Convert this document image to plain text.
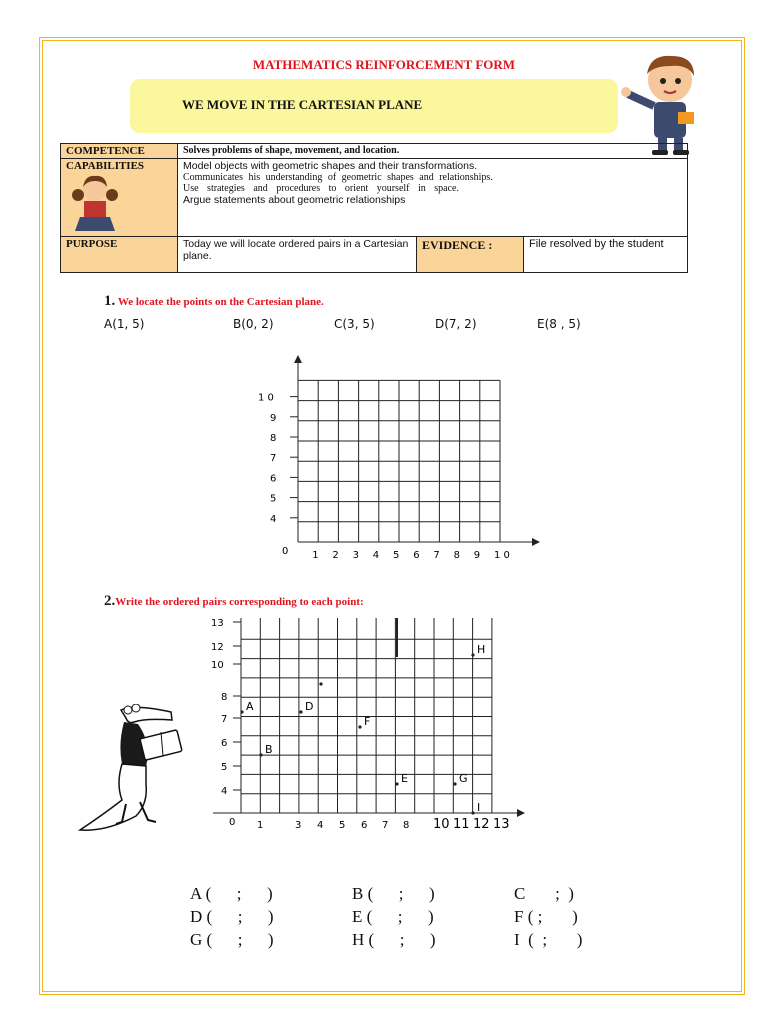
MATHEMATICS REINFORCEMENT FORM
WE MOVE IN THE CARTESIAN PLANE
COMPETENCE	Solves problems of shape, movement, and location.		
CAPABILITIES	Model objects with geometric shapes and their transformations.
Communicates his understanding of geometric shapes and relationships.
Use strategies and procedures to orient yourself in space.
Argue statements about geometric relationships		

PURPOSE	Today we will locate ordered pairs in a Cartesian plane.	EVIDENCE :	File resolved by the student
1. We locate the points on the Cartesian plane.
A(1, 5)	B(0, 2)	C(3, 5)	D(7, 2)	E(8 , 5)
1 2 3 4 5 6 7 8 9 1 0
4
5
6
7
8
9
1 0
0
2.Write the ordered pairs corresponding to each point:
1	3 4 5 6 7 8 10 11 12 13
4
5
6
7
8
10
12
13
0
A
B
D
F
E	G
H
I
A (      ;      )	B (      ;      )	C       ;  )
D (      ;      )	E (      ;      )	F ( ;       )
G (      ;      )	H (      ;      )	I  (  ;       )
